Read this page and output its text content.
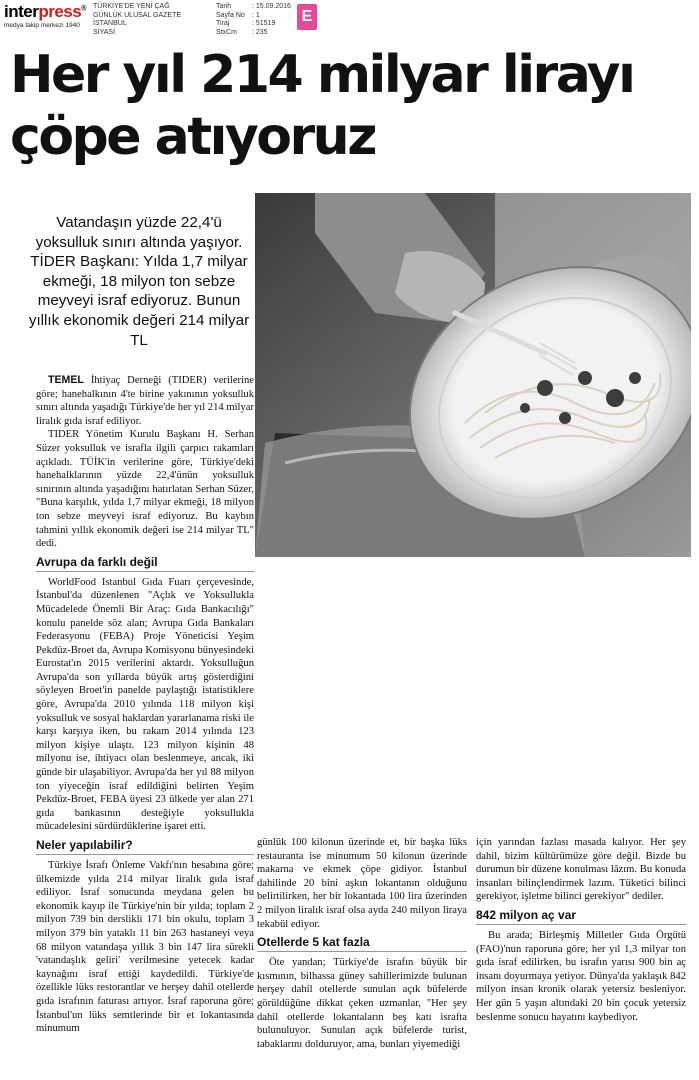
interpress®
medya takip merkezi 1940
TÜRKİYE'DE YENİ ÇAĞ
GÜNLÜK ULUSAL GAZETE
İSTANBUL
SİYASİ
Tarih	: 15.09.2016
Sayfa No	: 1
Tiraj	: 51519
StxCm	: 235
E
Her yıl 214 milyar lirayı çöpe atıyoruz

Vatandaşın yüzde 22,4'ü yoksulluk sınırı altında yaşıyor. TİDER Başkanı: Yılda 1,7 milyar ekmeği, 18 milyon ton sebze meyveyi israf ediyoruz. Bunun yıllık ekonomik değeri 214 milyar TL

TEMEL İhtiyaç Derneği (TIDER) verilerine göre; hanehalkının 4'te birine yakınının yoksulluk sınırı altında yaşadığı Türkiye'de her yıl 214 milyar liralık gıda israf ediliyor.

TIDER Yönetim Kurulu Başkanı H. Serhan Süzer yoksulluk ve israfla ilgili çarpıcı rakamları açıkladı. TÜİK'in verilerine göre, Türkiye'deki hanehalklarının yüzde 22,4'ünün yoksulluk sınırının altında yaşadığını hatırlatan Serhan Süzer, "Buna karşılık, yılda 1,7 milyar ekmeği, 18 milyon ton sebze meyveyi israf ediyoruz. Bu kaybın tahmini yıllık ekonomik değeri ise 214 milyar TL" dedi.

Avrupa da farklı değil

WorldFood Istanbul Gıda Fuarı çerçevesinde, İstanbul'da düzenlenen "Açlık ve Yoksullukla Mücadelede Önemli Bir Araç: Gıda Bankacılığı" konulu panelde söz alan; Avrupa Gıda Bankaları Federasyonu (FEBA) Proje Yöneticisi Yeşim Pekdüz-Broet da, Avrupa Komisyonu bünyesindeki Eurostat'ın 2015 verilerini aktardı. Yoksulluğun Avrupa'da son yıllarda büyük artış gösterdiğini söyleyen Broet'in panelde paylaştığı istatistiklere göre, Avrupa'da 2010 yılında 118 milyon kişi yoksulluk ve sosyal haklardan yararlanama riski ile karşı karşıya iken, bu rakam 2014 yılında 123 milyon kişiye ulaştı. 123 milyon kişinin 48 milyonu ise, ihtiyacı olan beslenmeye, ancak, iki günde bir ulaşabiliyor. Avrupa'da her yıl 88 milyon ton yiyeceğin israf edildiğini belirten Yeşim Pekdüz-Broet, FEBA üyesi 23 ülkede yer alan 271 gıda bankasının desteğiyle yoksullukla mücadelesini sürdürdüklerine işaret etti.

Neler yapılabilir?

Türkiye İsrafı Önleme Vakfı'nın hesabına göre; ülkemizde yılda 214 milyar liralık gıda israf ediliyor. İsraf sonucunda meydana gelen bu ekonomik kayıp ile Türkiye'nin bir yılda; toplam 2 milyon 739 bin derslikli 171 bin okulu, toplam 3 milyon 379 bin yataklı 11 bin 263 hastaneyi veya 68 milyon vatandaşa yıllık 3 bin 147 lira sürekli 'vatandaşlık geliri' verilmesine yetecek kadar kaynağını israf ettiği kaydedildi. Türkiye'de özellikle lüks restorantlar ve herşey dahil otellerde gıda israfının faturası artıyor. İsraf raporuna göre; İstanbul'un lüks semtlerinde bir et lokantasında minumum

günlük 100 kilonun üzerinde et, bir başka lüks restauranta ise minumum 50 kilonun üzerinde makarna ve ekmek çöpe gidiyor. İstanbul dahilinde 20 bini aşkın lokantanın olduğunu belirtilirken, her bir lokantada 100 lira üzerinden 2 milyon liralık israf olsa ayda 240 milyon liraya tekabül ediyor.

Otellerde 5 kat fazla

Öte yandan; Türkiye'de israfın büyük bir kısmının, bilhassa güney sahillerimizde bulunan herşey dahil otellerde sunulan açık büfelerde görüldüğüne dikkat çeken uzmanlar, "Her şey dahil otellerde lokantaların beş katı israfta bulunuluyor. Sunulan açık büfelerde turist, tabaklarını dolduruyor, ama, bunları yiyemediği

için yarından fazlası masada kalıyor. Her şey dahil, bizim kültürümüze göre değil. Bizde bu durumun bir düzene konulması lâzım. Bu konuda insanları bilinçlendirmek lazım. Tüketici bilinci gerekiyor, işletme bilinci gerekiyor" dediler.

842 milyon aç var

Bu arada; Birleşmiş Milletler Gıda Örgütü (FAO)'nun raporuna göre; her yıl 1,3 milyar ton gıda israf edilirken, bu israfın yarısı 900 bin aç insanı doyurmaya yetiyor. Dünya'da yaklaşık 842 milyon insan kronik olarak yetersiz besleniyor. Her gün 5 yaşın altındaki 20 bin çocuk yetersiz beslenme sonucu hayatını kaybediyor.
